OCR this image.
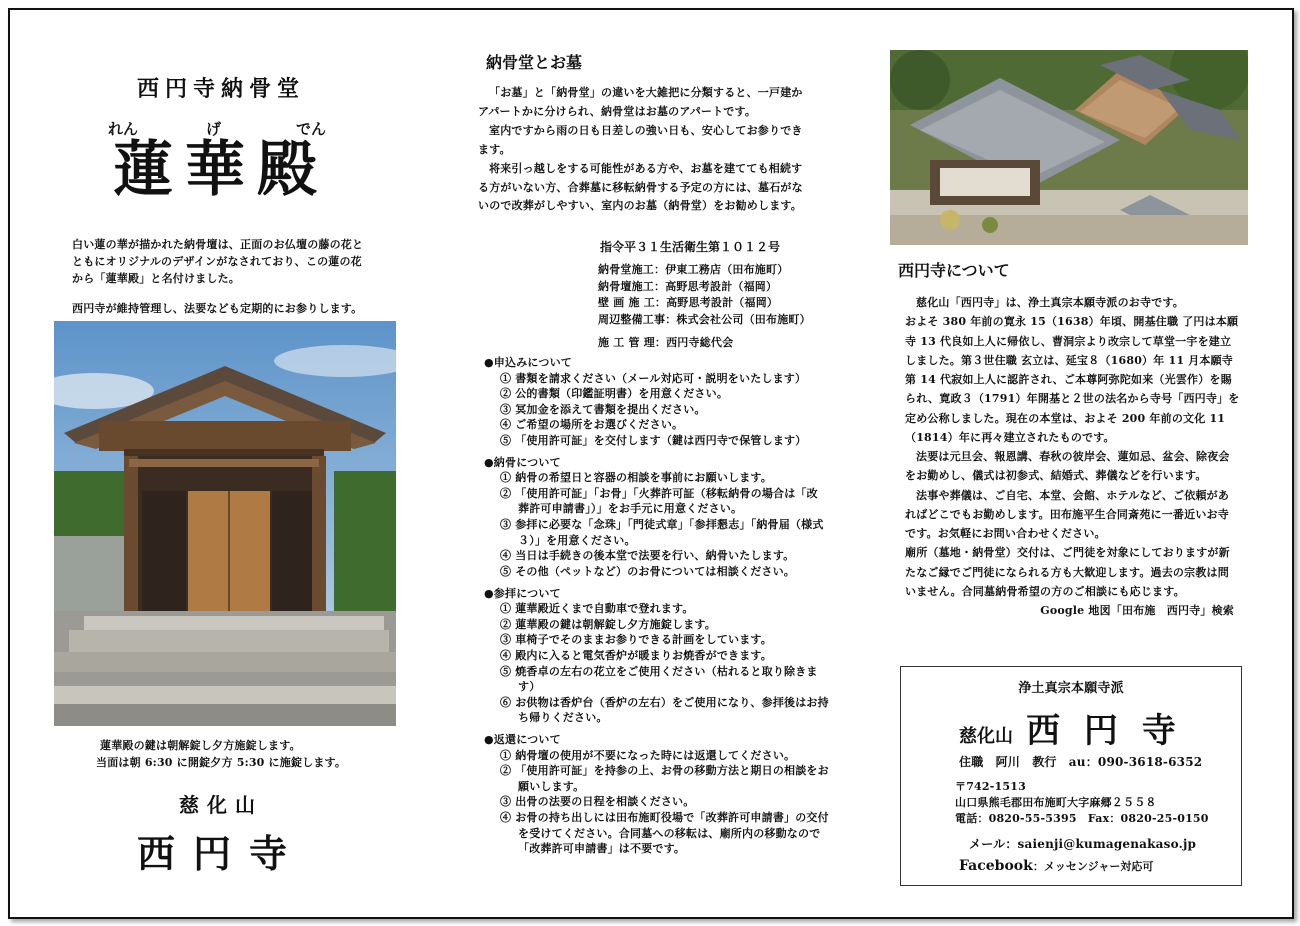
西円寺納骨堂
れん	げ	でん
蓮華殿

白い蓮の華が描かれた納骨壇は、正面のお仏壇の藤の花と

ともにオリジナルのデザインがなされており、この蓮の花

から「蓮華殿」と名付けました。

西円寺が維持管理し、法要なども定期的にお参りします。

蓮華殿の鍵は朝解錠し夕方施錠します。

当面は朝 6:30 に開錠夕方 5:30 に施錠します。

慈化山
西円寺
納骨堂とお墓

「お墓」と「納骨堂」の違いを大雑把に分類すると、一戸建か

アパートかに分けられ、納骨堂はお墓のアパートです。

室内ですから雨の日も日差しの強い日も、安心してお参りでき

ます。

将来引っ越しをする可能性がある方や、お墓を建てても相続す

る方がいない方、合葬墓に移転納骨する予定の方には、墓石がな

いので改葬がしやすい、室内のお墓（納骨堂）をお勧めします。

指令平３１生活衛生第１０１２号
納骨堂施工：伊東工務店（田布施町）
納骨壇施工：高野思考設計（福岡）
壁 画 施 工：高野思考設計（福岡）
周辺整備工事：株式会社公司（田布施町）
施 工 管 理：西円寺総代会

●申込みについて

① 書類を請求ください（メール対応可・説明をいたします）

② 公的書類（印鑑証明書）を用意ください。

③ 冥加金を添えて書類を提出ください。

④ ご希望の場所をお選びください。

⑤ 「使用許可証」を交付します（鍵は西円寺で保管します）

●納骨について

① 納骨の希望日と容器の相談を事前にお願いします。

② 「使用許可証」「お骨」「火葬許可証（移転納骨の場合は「改葬許可申請書」）」をお手元に用意ください。

③ 参拝に必要な「念珠」「門徒式章」「参拝懇志」「納骨届（様式３）」を用意ください。

④ 当日は手続きの後本堂で法要を行い、納骨いたします。

⑤ その他（ペットなど）のお骨については相談ください。

●参拝について

① 蓮華殿近くまで自動車で登れます。

② 蓮華殿の鍵は朝解錠し夕方施錠します。

③ 車椅子でそのままお参りできる計画をしています。

④ 殿内に入ると電気香炉が暖まりお焼香ができます。

⑤ 焼香卓の左右の花立をご使用ください（枯れると取り除きます）

⑥ お供物は香炉台（香炉の左右）をご使用になり、参拝後はお持ち帰りください。

●返還について

① 納骨壇の使用が不要になった時には返還してください。

② 「使用許可証」を持参の上、お骨の移動方法と期日の相談をお願いします。

③ 出骨の法要の日程を相談ください。

④ お骨の持ち出しには田布施町役場で「改葬許可申請書」の交付を受けてください。合同墓への移転は、廟所内の移動なので「改葬許可申請書」は不要です。

西円寺について

慈化山「西円寺」は、浄土真宗本願寺派のお寺です。

およそ 380 年前の寛永 15（1638）年頃、開基住職 了円は本願寺 13 代良如上人に帰依し、曹洞宗より改宗して草堂一宇を建立しました。第３世住職 玄立は、延宝８（1680）年 11 月本願寺第 14 代寂如上人に認許され、ご本尊阿弥陀如来（光雲作）を賜られ、寛政３（1791）年開基と２世の法名から寺号「西円寺」を定め公称しました。現在の本堂は、およそ 200 年前の文化 11（1814）年に再々建立されたものです。

法要は元旦会、報恩講、春秋の彼岸会、蓮如忌、盆会、除夜会をお勤めし、儀式は初参式、結婚式、葬儀などを行います。

法事や葬儀は、ご自宅、本堂、会館、ホテルなど、ご依頼があればどこでもお勤めします。田布施平生合同斎苑に一番近いお寺です。お気軽にお問い合わせください。

廟所（墓地・納骨堂）交付は、ご門徒を対象にしておりますが新たなご縁でご門徒になられる方も大歓迎します。過去の宗教は問いません。合同墓納骨希望の方のご相談にも応じます。

Google 地図「田布施　西円寺」検索

浄土真宗本願寺派
慈化山 西 円 寺
住職　阿川　教行　au：090-3618-6352
〒742-1513
山口県熊毛郡田布施町大字麻郷２５５８
電話：0820-55-5395　Fax：0820-25-0150
メール：saienji@kumagenakaso.jp
Facebook：メッセンジャー対応可
